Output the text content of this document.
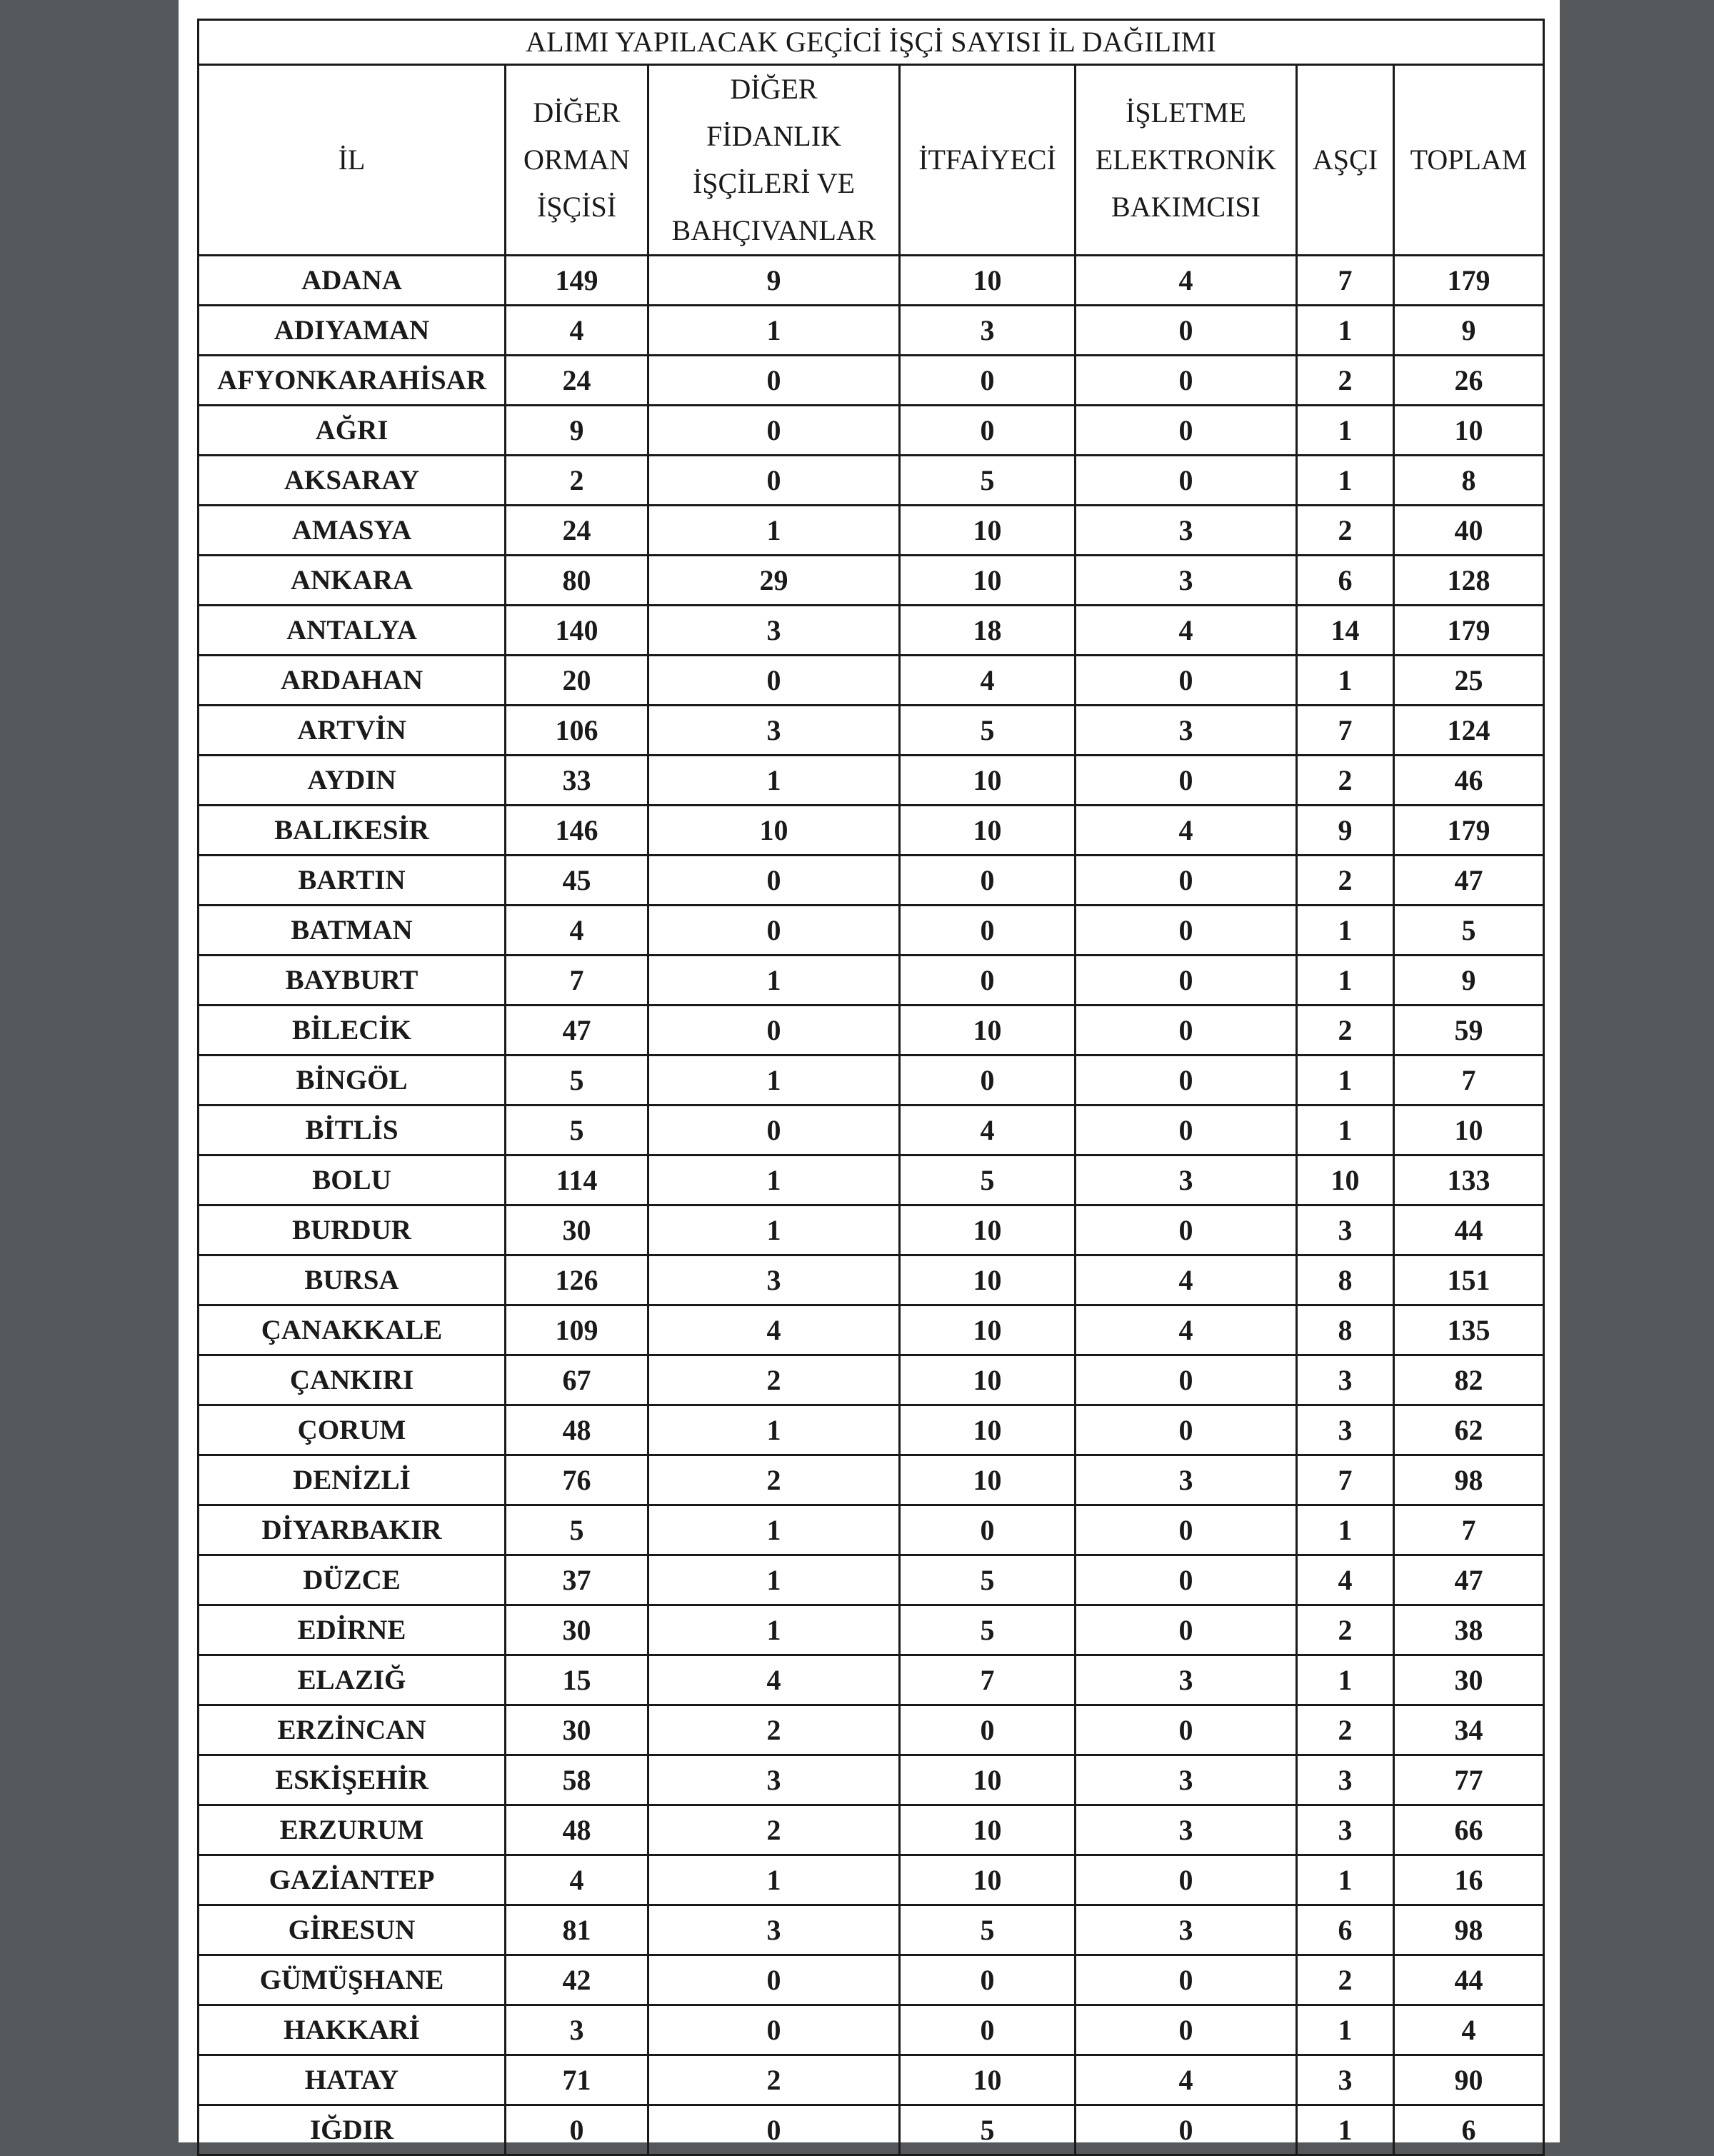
ALIMI YAPILACAK GEÇİCİ İŞÇİ SAYISI İL DAĞILIMI						

İL	DİĞER
ORMAN
İŞÇİSİ	DİĞER
FİDANLIK
İŞÇİLERİ VE
BAHÇIVANLAR	İTFAİYECİ	İŞLETME
ELEKTRONİK
BAKIMCISI	AŞÇI	TOPLAM

ADANA	149	9	10	4	7	179
ADIYAMAN	4	1	3	0	1	9
AFYONKARAHİSAR	24	0	0	0	2	26
AĞRI	9	0	0	0	1	10
AKSARAY	2	0	5	0	1	8
AMASYA	24	1	10	3	2	40
ANKARA	80	29	10	3	6	128
ANTALYA	140	3	18	4	14	179
ARDAHAN	20	0	4	0	1	25
ARTVİN	106	3	5	3	7	124
AYDIN	33	1	10	0	2	46
BALIKESİR	146	10	10	4	9	179
BARTIN	45	0	0	0	2	47
BATMAN	4	0	0	0	1	5
BAYBURT	7	1	0	0	1	9
BİLECİK	47	0	10	0	2	59
BİNGÖL	5	1	0	0	1	7
BİTLİS	5	0	4	0	1	10
BOLU	114	1	5	3	10	133
BURDUR	30	1	10	0	3	44
BURSA	126	3	10	4	8	151
ÇANAKKALE	109	4	10	4	8	135
ÇANKIRI	67	2	10	0	3	82
ÇORUM	48	1	10	0	3	62
DENİZLİ	76	2	10	3	7	98
DİYARBAKIR	5	1	0	0	1	7
DÜZCE	37	1	5	0	4	47
EDİRNE	30	1	5	0	2	38
ELAZIĞ	15	4	7	3	1	30
ERZİNCAN	30	2	0	0	2	34
ESKİŞEHİR	58	3	10	3	3	77
ERZURUM	48	2	10	3	3	66
GAZİANTEP	4	1	10	0	1	16
GİRESUN	81	3	5	3	6	98
GÜMÜŞHANE	42	0	0	0	2	44
HAKKARİ	3	0	0	0	1	4
HATAY	71	2	10	4	3	90
IĞDIR	0	0	5	0	1	6
